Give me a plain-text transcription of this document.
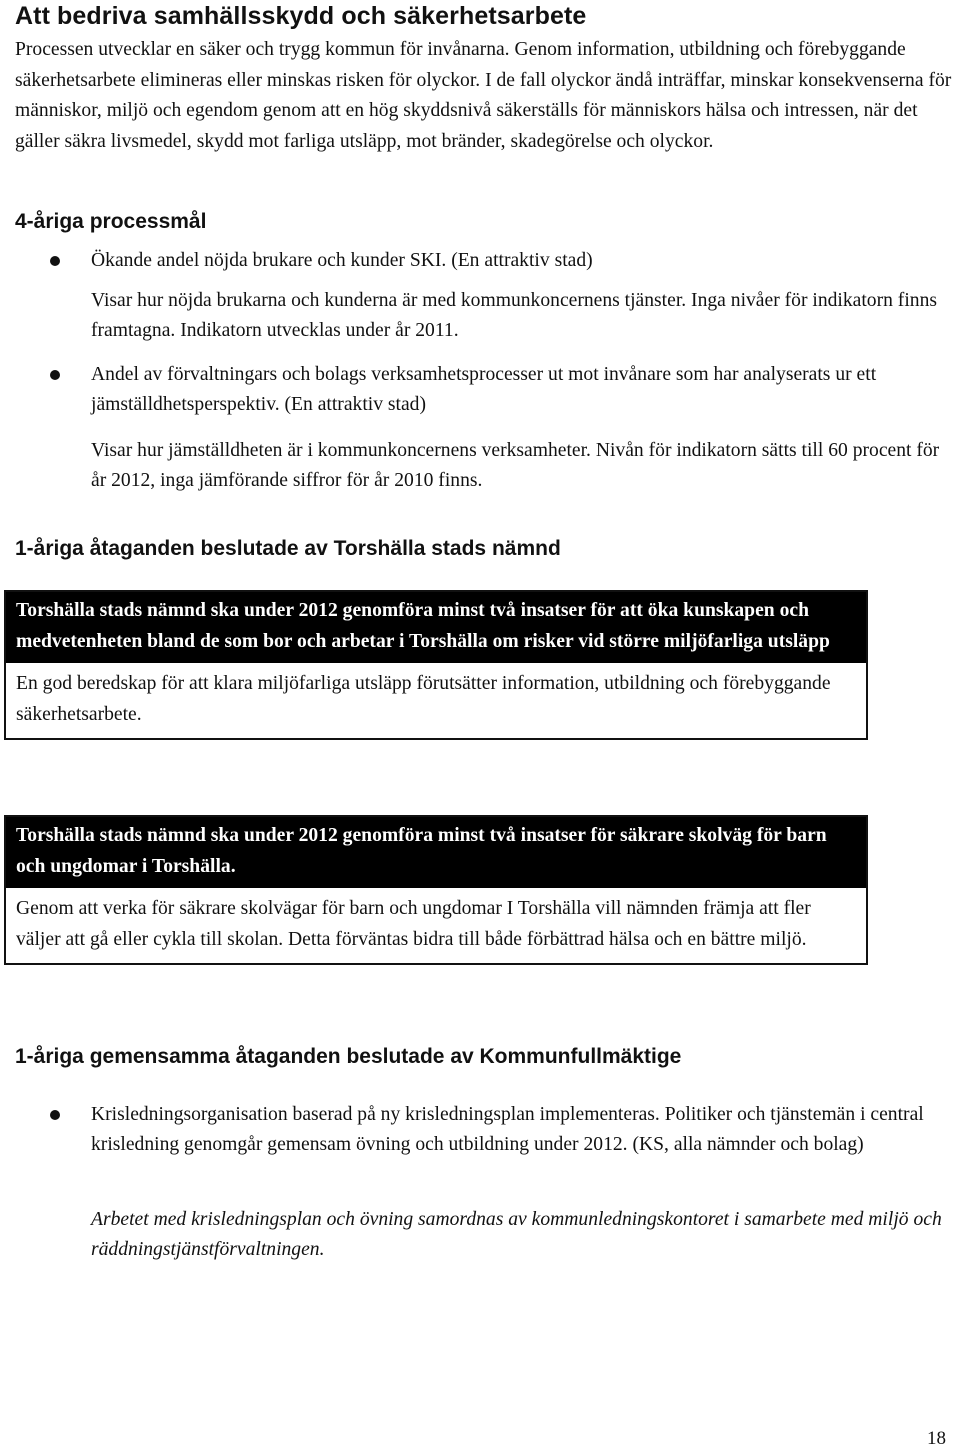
Att bedriva samhällsskydd och säkerhetsarbete

Processen utvecklar en säker och trygg kommun för invånarna. Genom information, utbildning och förebyggande säkerhetsarbete elimineras eller minskas risken för olyckor. I de fall olyckor ändå inträffar, minskar konsekvenserna för människor, miljö och egendom genom att en hög skyddsnivå säkerställs för människors hälsa och intressen, när det gäller säkra livsmedel, skydd mot farliga utsläpp, mot bränder, skadegörelse och olyckor.

4-åriga processmål

Ökande andel nöjda brukare och kunder SKI. (En attraktiv stad)

Visar hur nöjda brukarna och kunderna är med kommunkoncernens tjänster. Inga nivåer för indikatorn finns framtagna. Indikatorn utvecklas under år 2011.

Andel av förvaltningars och bolags verksamhetsprocesser ut mot invånare som har analyserats ur ett jämställdhetsperspektiv. (En attraktiv stad)

Visar hur jämställdheten är i kommunkoncernens verksamheter. Nivån för indikatorn sätts till 60 procent för år 2012, inga jämförande siffror för år 2010 finns.

1-åriga åtaganden beslutade av Torshälla stads nämnd
Torshälla stads nämnd ska under 2012 genomföra minst två insatser för att öka kunskapen och medvetenheten bland de som bor och arbetar i Torshälla om risker vid större miljöfarliga utsläpp
En god beredskap för att klara miljöfarliga utsläpp förutsätter information, utbildning och förebyggande säkerhetsarbete.
Torshälla stads nämnd ska under 2012 genomföra minst två insatser för säkrare skolväg för barn och ungdomar i Torshälla.
Genom att verka för säkrare skolvägar för barn och ungdomar I Torshälla vill nämnden främja att fler väljer att gå eller cykla till skolan. Detta förväntas bidra till både förbättrad hälsa och en bättre miljö.
1-åriga gemensamma åtaganden beslutade av Kommunfullmäktige

Krisledningsorganisation baserad på ny krisledningsplan implementeras. Politiker och tjänstemän i central krisledning genomgår gemensam övning och utbildning under 2012. (KS, alla nämnder och bolag)

Arbetet med krisledningsplan och övning samordnas av kommunledningskontoret i samarbete med miljö och räddningstjänstförvaltningen.

18
